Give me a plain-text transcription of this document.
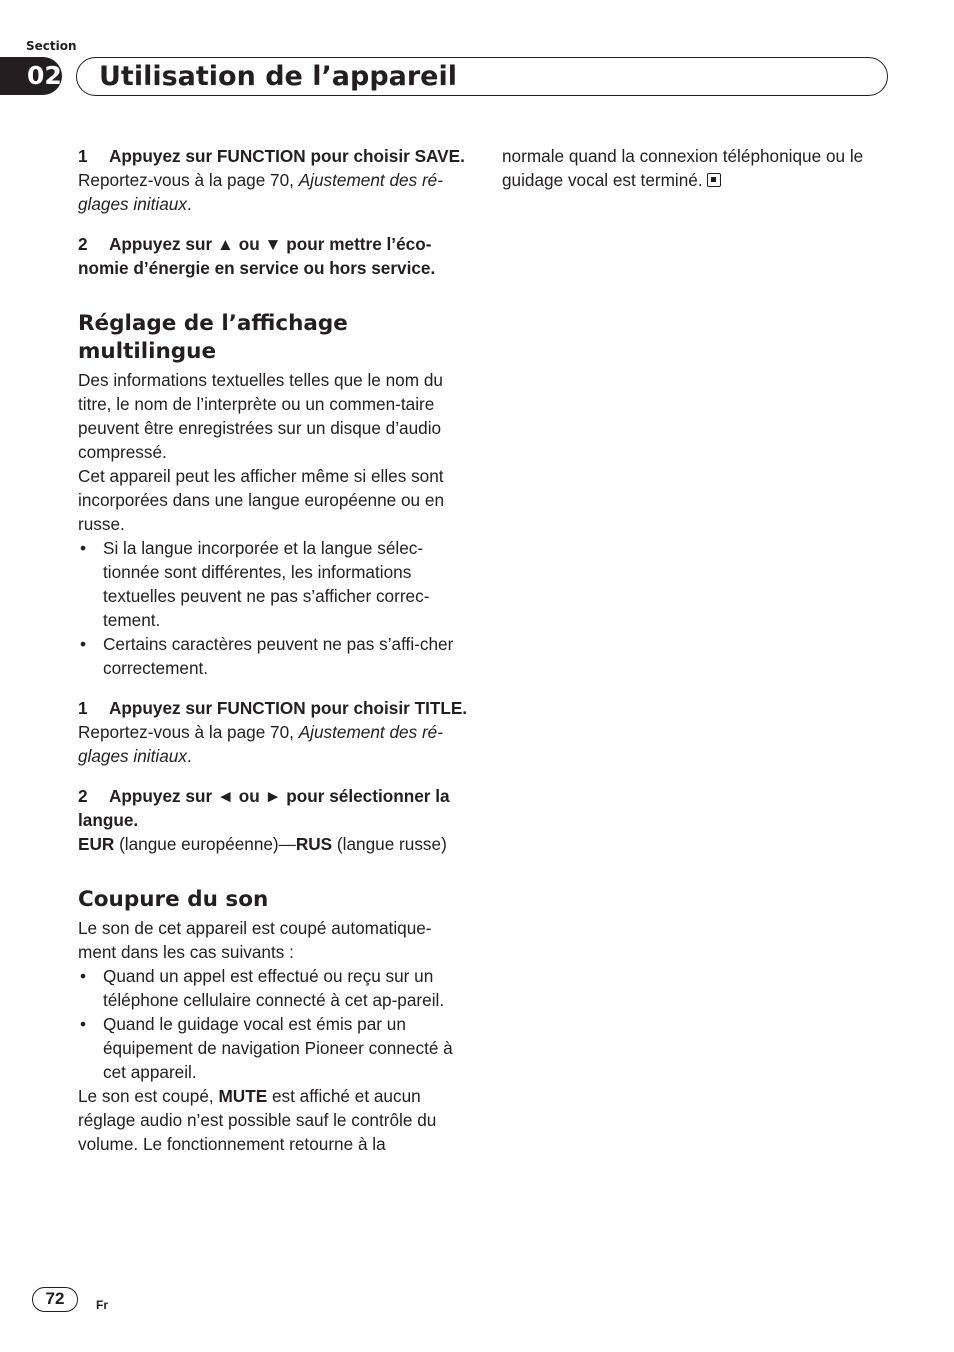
Section
02 Utilisation de l’appareil

1 Appuyez sur FUNCTION pour choisir SAVE.

Reportez-vous à la page 70, Ajustement des ré-glages initiaux.

2 Appuyez sur ▲ ou ▼ pour mettre l’éco-nomie d’énergie en service ou hors service.

Réglage de l’affichage multilingue

Des informations textuelles telles que le nom du titre, le nom de l’interprète ou un commen-taire peuvent être enregistrées sur un disque d’audio compressé.

Cet appareil peut les afficher même si elles sont incorporées dans une langue européenne ou en russe.

• Si la langue incorporée et la langue sélec-tionnée sont différentes, les informations textuelles peuvent ne pas s’afficher correc-tement.
• Certains caractères peuvent ne pas s’affi-cher correctement.

1 Appuyez sur FUNCTION pour choisir TITLE.

Reportez-vous à la page 70, Ajustement des ré-glages initiaux.

2 Appuyez sur ◄ ou ► pour sélectionner la langue.

EUR (langue européenne)—RUS (langue russe)

Coupure du son

Le son de cet appareil est coupé automatique-ment dans les cas suivants :

• Quand un appel est effectué ou reçu sur un téléphone cellulaire connecté à cet ap-pareil.
• Quand le guidage vocal est émis par un équipement de navigation Pioneer connecté à cet appareil.

Le son est coupé, MUTE est affiché et aucun réglage audio n’est possible sauf le contrôle du volume. Le fonctionnement retourne à la

normale quand la connexion téléphonique ou le guidage vocal est terminé.

72	Fr
